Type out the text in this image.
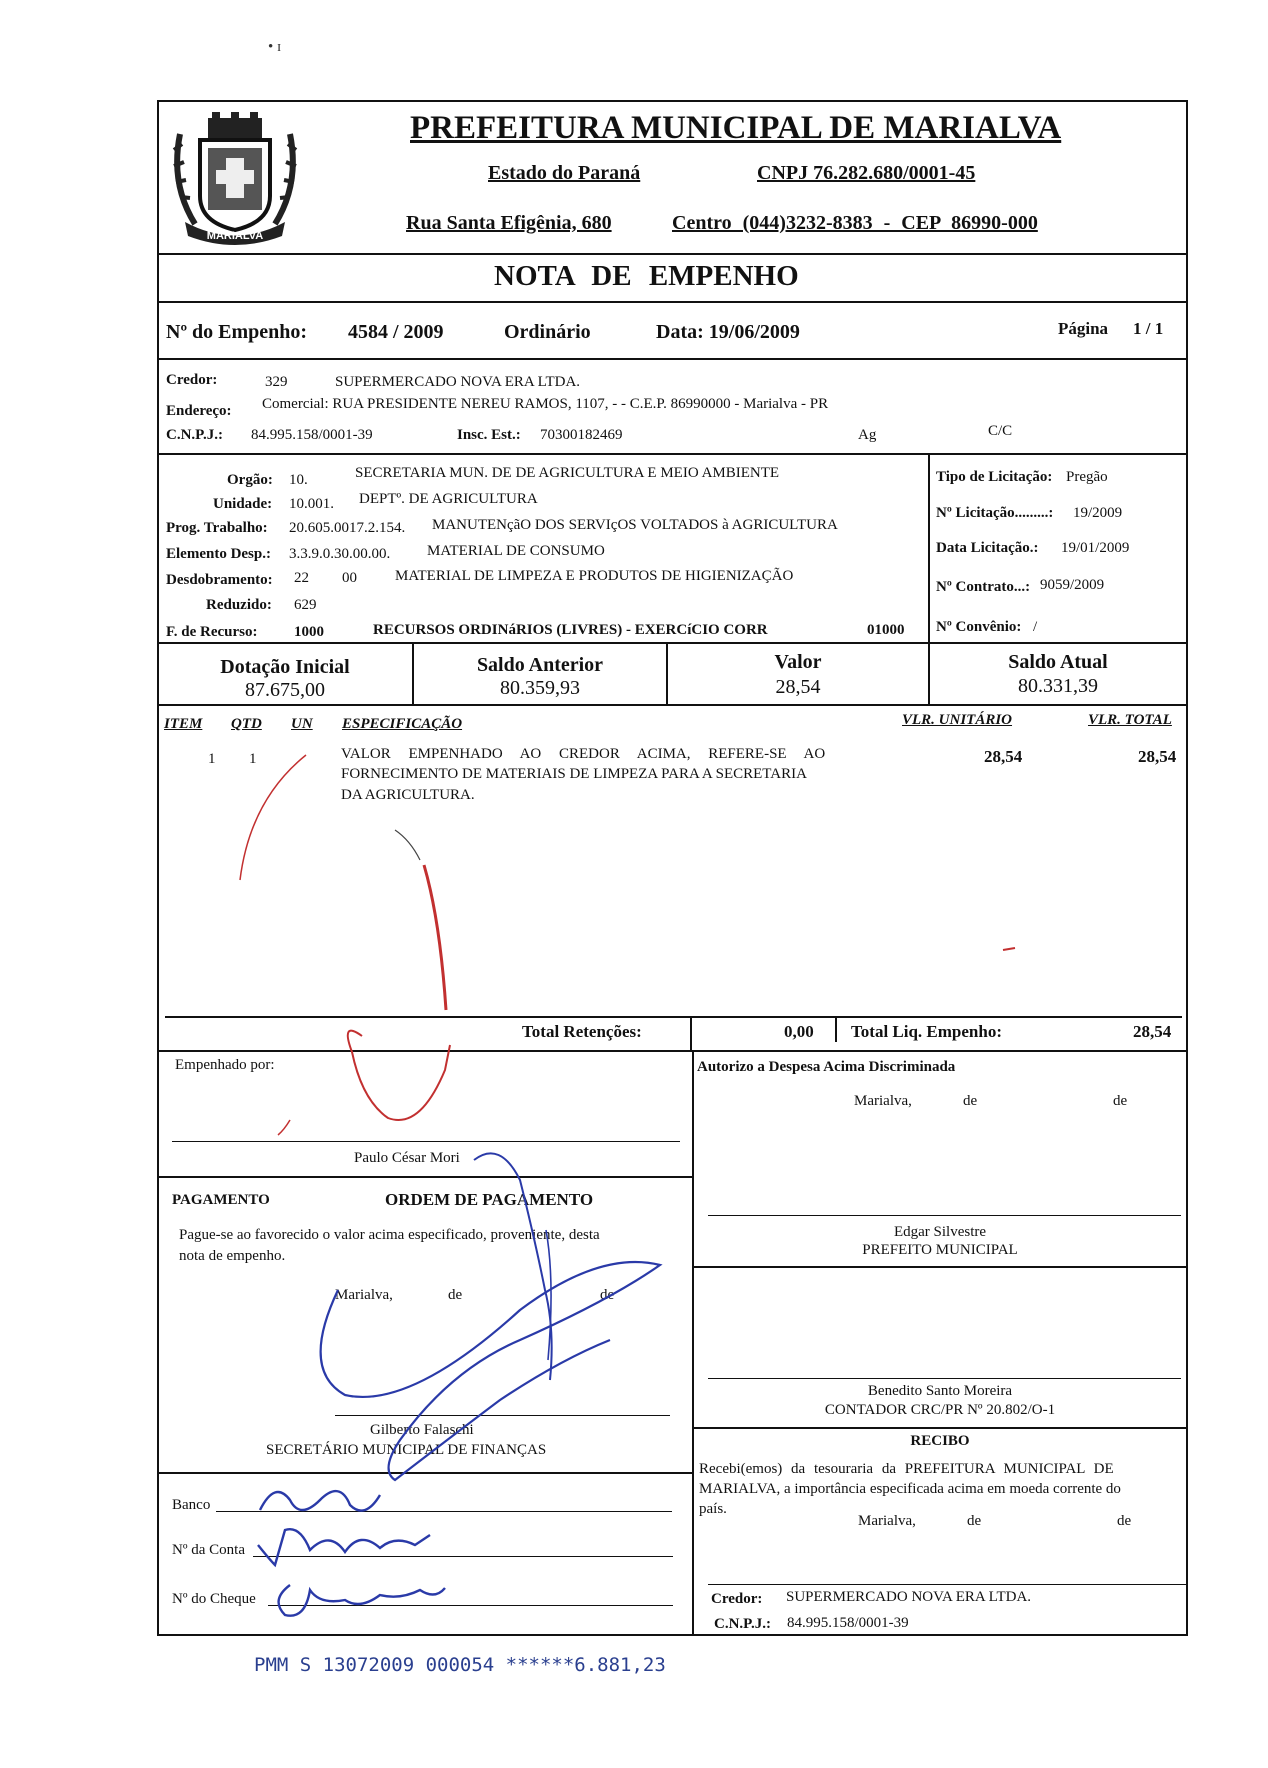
• ɪ
MARIALVA
PREFEITURA MUNICIPAL DE MARIALVA
Estado do Paraná	CNPJ 76.282.680/0001-45
Rua Santa Efigênia, 680	Centro (044)3232-8383 - CEP 86990-000
NOTA DE EMPENHO
Nº do Empenho: 4584 / 2009	Ordinário	Data: 19/06/2009	Página 1 / 1
Credor:	329	SUPERMERCADO NOVA ERA LTDA.
Endereço: Comercial: RUA PRESIDENTE NEREU RAMOS, 1107, - - C.E.P. 86990000 - Marialva - PR
C.N.P.J.: 84.995.158/0001-39	Insc. Est.: 70300182469	Ag	C/C
Orgão: 10.	SECRETARIA MUN. DE DE AGRICULTURA E MEIO AMBIENTE
Unidade: 10.001. DEPTº. DE AGRICULTURA
Prog. Trabalho: 20.605.0017.2.154. MANUTENçãO DOS SERVIçOS VOLTADOS à AGRICULTURA
Elemento Desp.: 3.3.9.0.30.00.00. MATERIAL DE CONSUMO
Desdobramento: 22 00	MATERIAL DE LIMPEZA E PRODUTOS DE HIGIENIZAÇÃO
Reduzido: 629
F. de Recurso: 1000	RECURSOS ORDINáRIOS (LIVRES) - EXERCíCIO CORR	01000
Tipo de Licitação: Pregão
Nº Licitação.........: 19/2009
Data Licitação.: 19/01/2009
Nº Contrato...: 9059/2009
Nº Convênio: /
Dotação Inicial
87.675,00
Saldo Anterior
80.359,93
Valor
28,54
Saldo Atual
80.331,39
ITEM QTD UN ESPECIFICAÇÃO	VLR. UNITÁRIO	VLR. TOTAL
1 1	VALOR EMPENHADO AO CREDOR ACIMA, REFERE-SE AO
FORNECIMENTO DE MATERIAIS DE LIMPEZA PARA A SECRETARIA
DA AGRICULTURA.
28,54	28,54
Total Retenções:	0,00 Total Liq. Empenho:	28,54
Empenhado por:
Paulo César Mori
PAGAMENTO	ORDEM DE PAGAMENTO
Pague-se ao favorecido o valor acima especificado, proveniente, desta
nota de empenho.
Marialva,	de	de
Gilberto Falaschi
SECRETÁRIO MUNICIPAL DE FINANÇAS
Banco
Nº da Conta
Nº do Cheque
Autorizo a Despesa Acima Discriminada
Marialva,	de	de
Edgar Silvestre
PREFEITO MUNICIPAL
Benedito Santo Moreira
CONTADOR CRC/PR Nº 20.802/O-1
RECIBO
Recebi(emos) da tesouraria da PREFEITURA MUNICIPAL DE
MARIALVA, a importância especificada acima em moeda corrente do
país.
Marialva,	de	de
Credor: SUPERMERCADO NOVA ERA LTDA.
C.N.P.J.: 84.995.158/0001-39
PMM S 13072009 000054 ******6.881,23
